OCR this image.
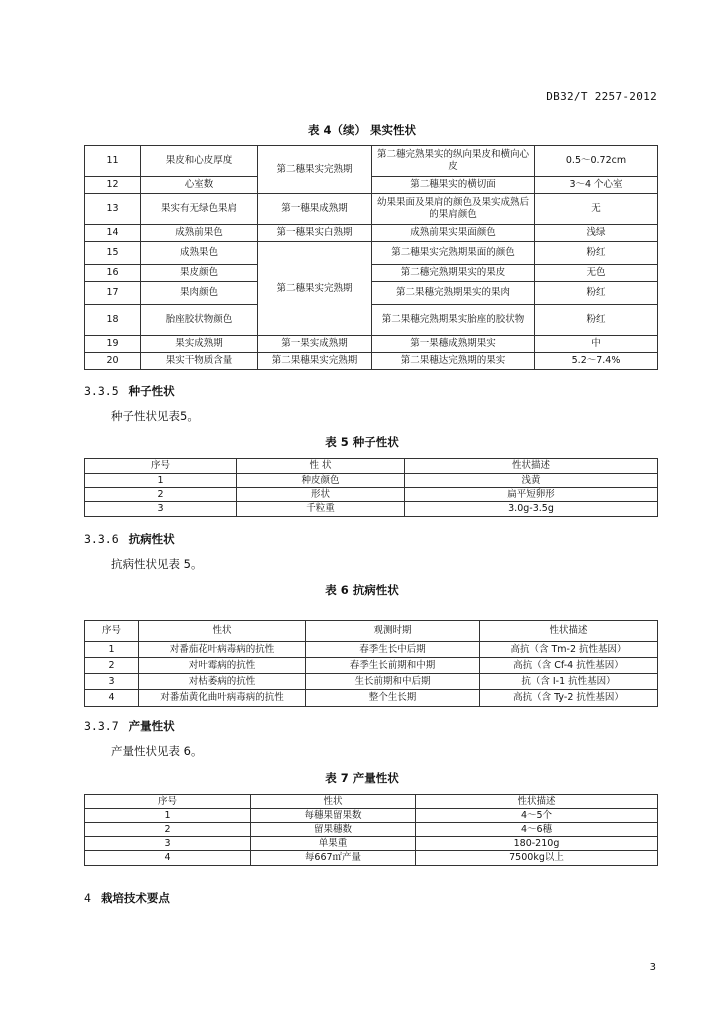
DB32/T 2257-2012
表 4（续） 果实性状
11	果皮和心皮厚度	第二穗果实完熟期	第二穗完熟果实的纵向果皮和横向心皮	0.5～0.72cm
12	心室数		第二穗果实的横切面	3～4 个心室
13	果实有无绿色果肩	第一穗果成熟期	幼果果面及果肩的颜色及果实成熟后的果肩颜色	无
14	成熟前果色	第一穗果实白熟期	成熟前果实果面颜色	浅绿
15	成熟果色	第二穗果实完熟期	第二穗果实完熟期果面的颜色	粉红
16	果皮颜色		第二穗完熟期果实的果皮	无色
17	果肉颜色		第二果穗完熟期果实的果肉	粉红
18	胎座胶状物颜色		第二果穗完熟期果实胎座的胶状物	粉红
19	果实成熟期	第一果实成熟期	第一果穗成熟期果实	中
20	果实干物质含量	第二果穗果实完熟期	第二果穗达完熟期的果实	5.2～7.4%
3.3.5 种子性状
种子性状见表5。
表 5 种子性状
序号	性 状	性状描述
1	种皮颜色	浅黄
2	形状	扁平短卵形
3	千粒重	3.0g-3.5g
3.3.6 抗病性状
抗病性状见表 5。
表 6 抗病性状
序号	性状	观测时期	性状描述
1	对番茄花叶病毒病的抗性	春季生长中后期	高抗（含 Tm-2 抗性基因）
2	对叶霉病的抗性	春季生长前期和中期	高抗（含 Cf-4 抗性基因）
3	对枯萎病的抗性	生长前期和中后期	抗（含 I-1 抗性基因）
4	对番茄黄化曲叶病毒病的抗性	整个生长期	高抗（含 Ty-2 抗性基因）
3.3.7 产量性状
产量性状见表 6。
表 7 产量性状
序号	性状	性状描述
1	每穗果留果数	4～5个
2	留果穗数	4～6穗
3	单果重	180-210g
4	每667㎡产量	7500kg以上
4 栽培技术要点
3
